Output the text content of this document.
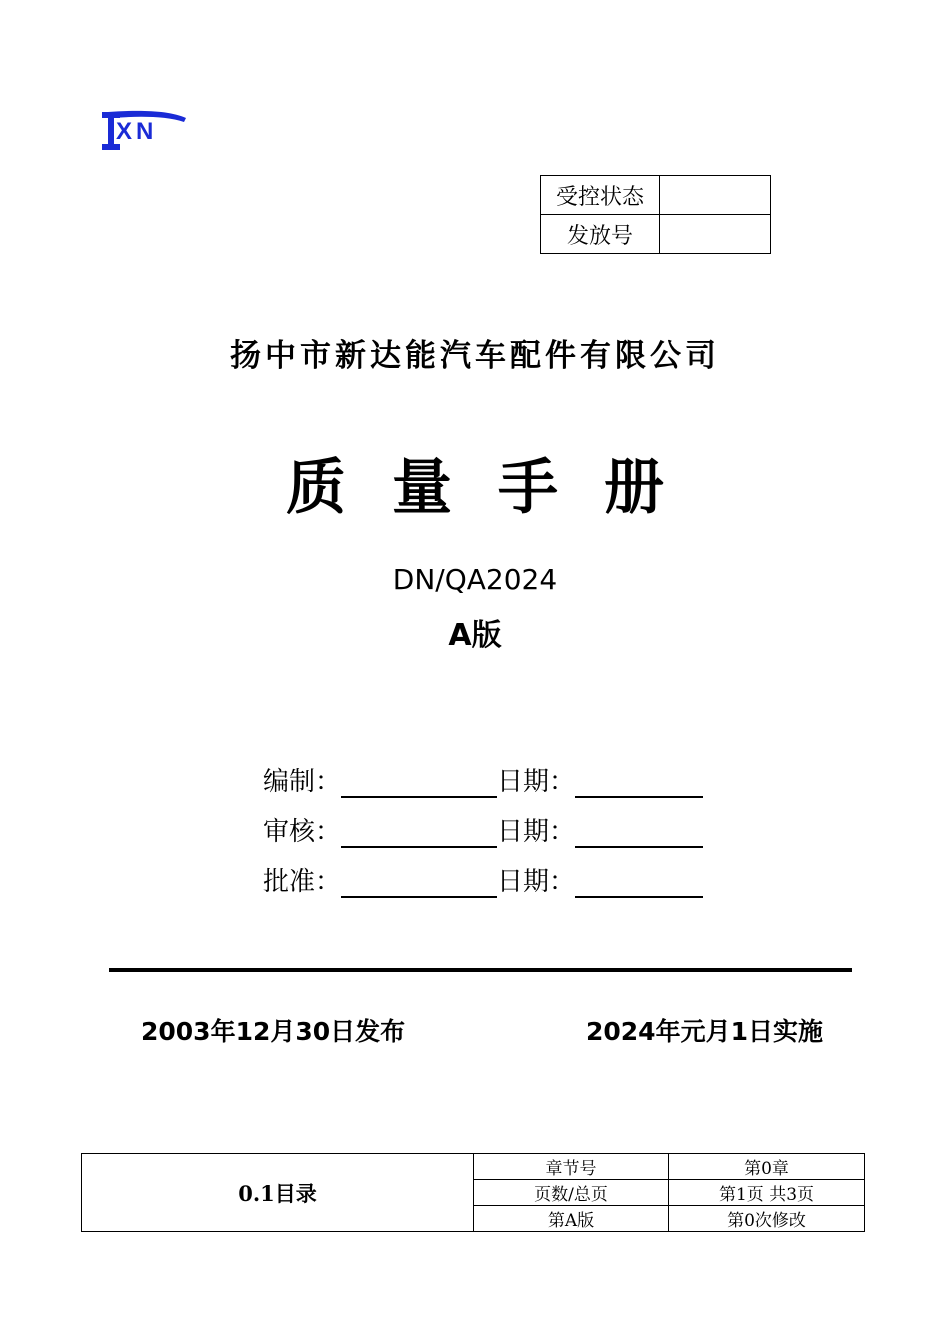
XN
受控状态	
发放号	
扬中市新达能汽车配件有限公司
质量手册
DN/QA2024
A版
编制：	日期：
审核：	日期：
批准：	日期：
2003年12月30日发布	2024年元月1日实施
0.1目录	章节号	第0章
	页数/总页	第1页 共3页
	第A版	第0次修改
